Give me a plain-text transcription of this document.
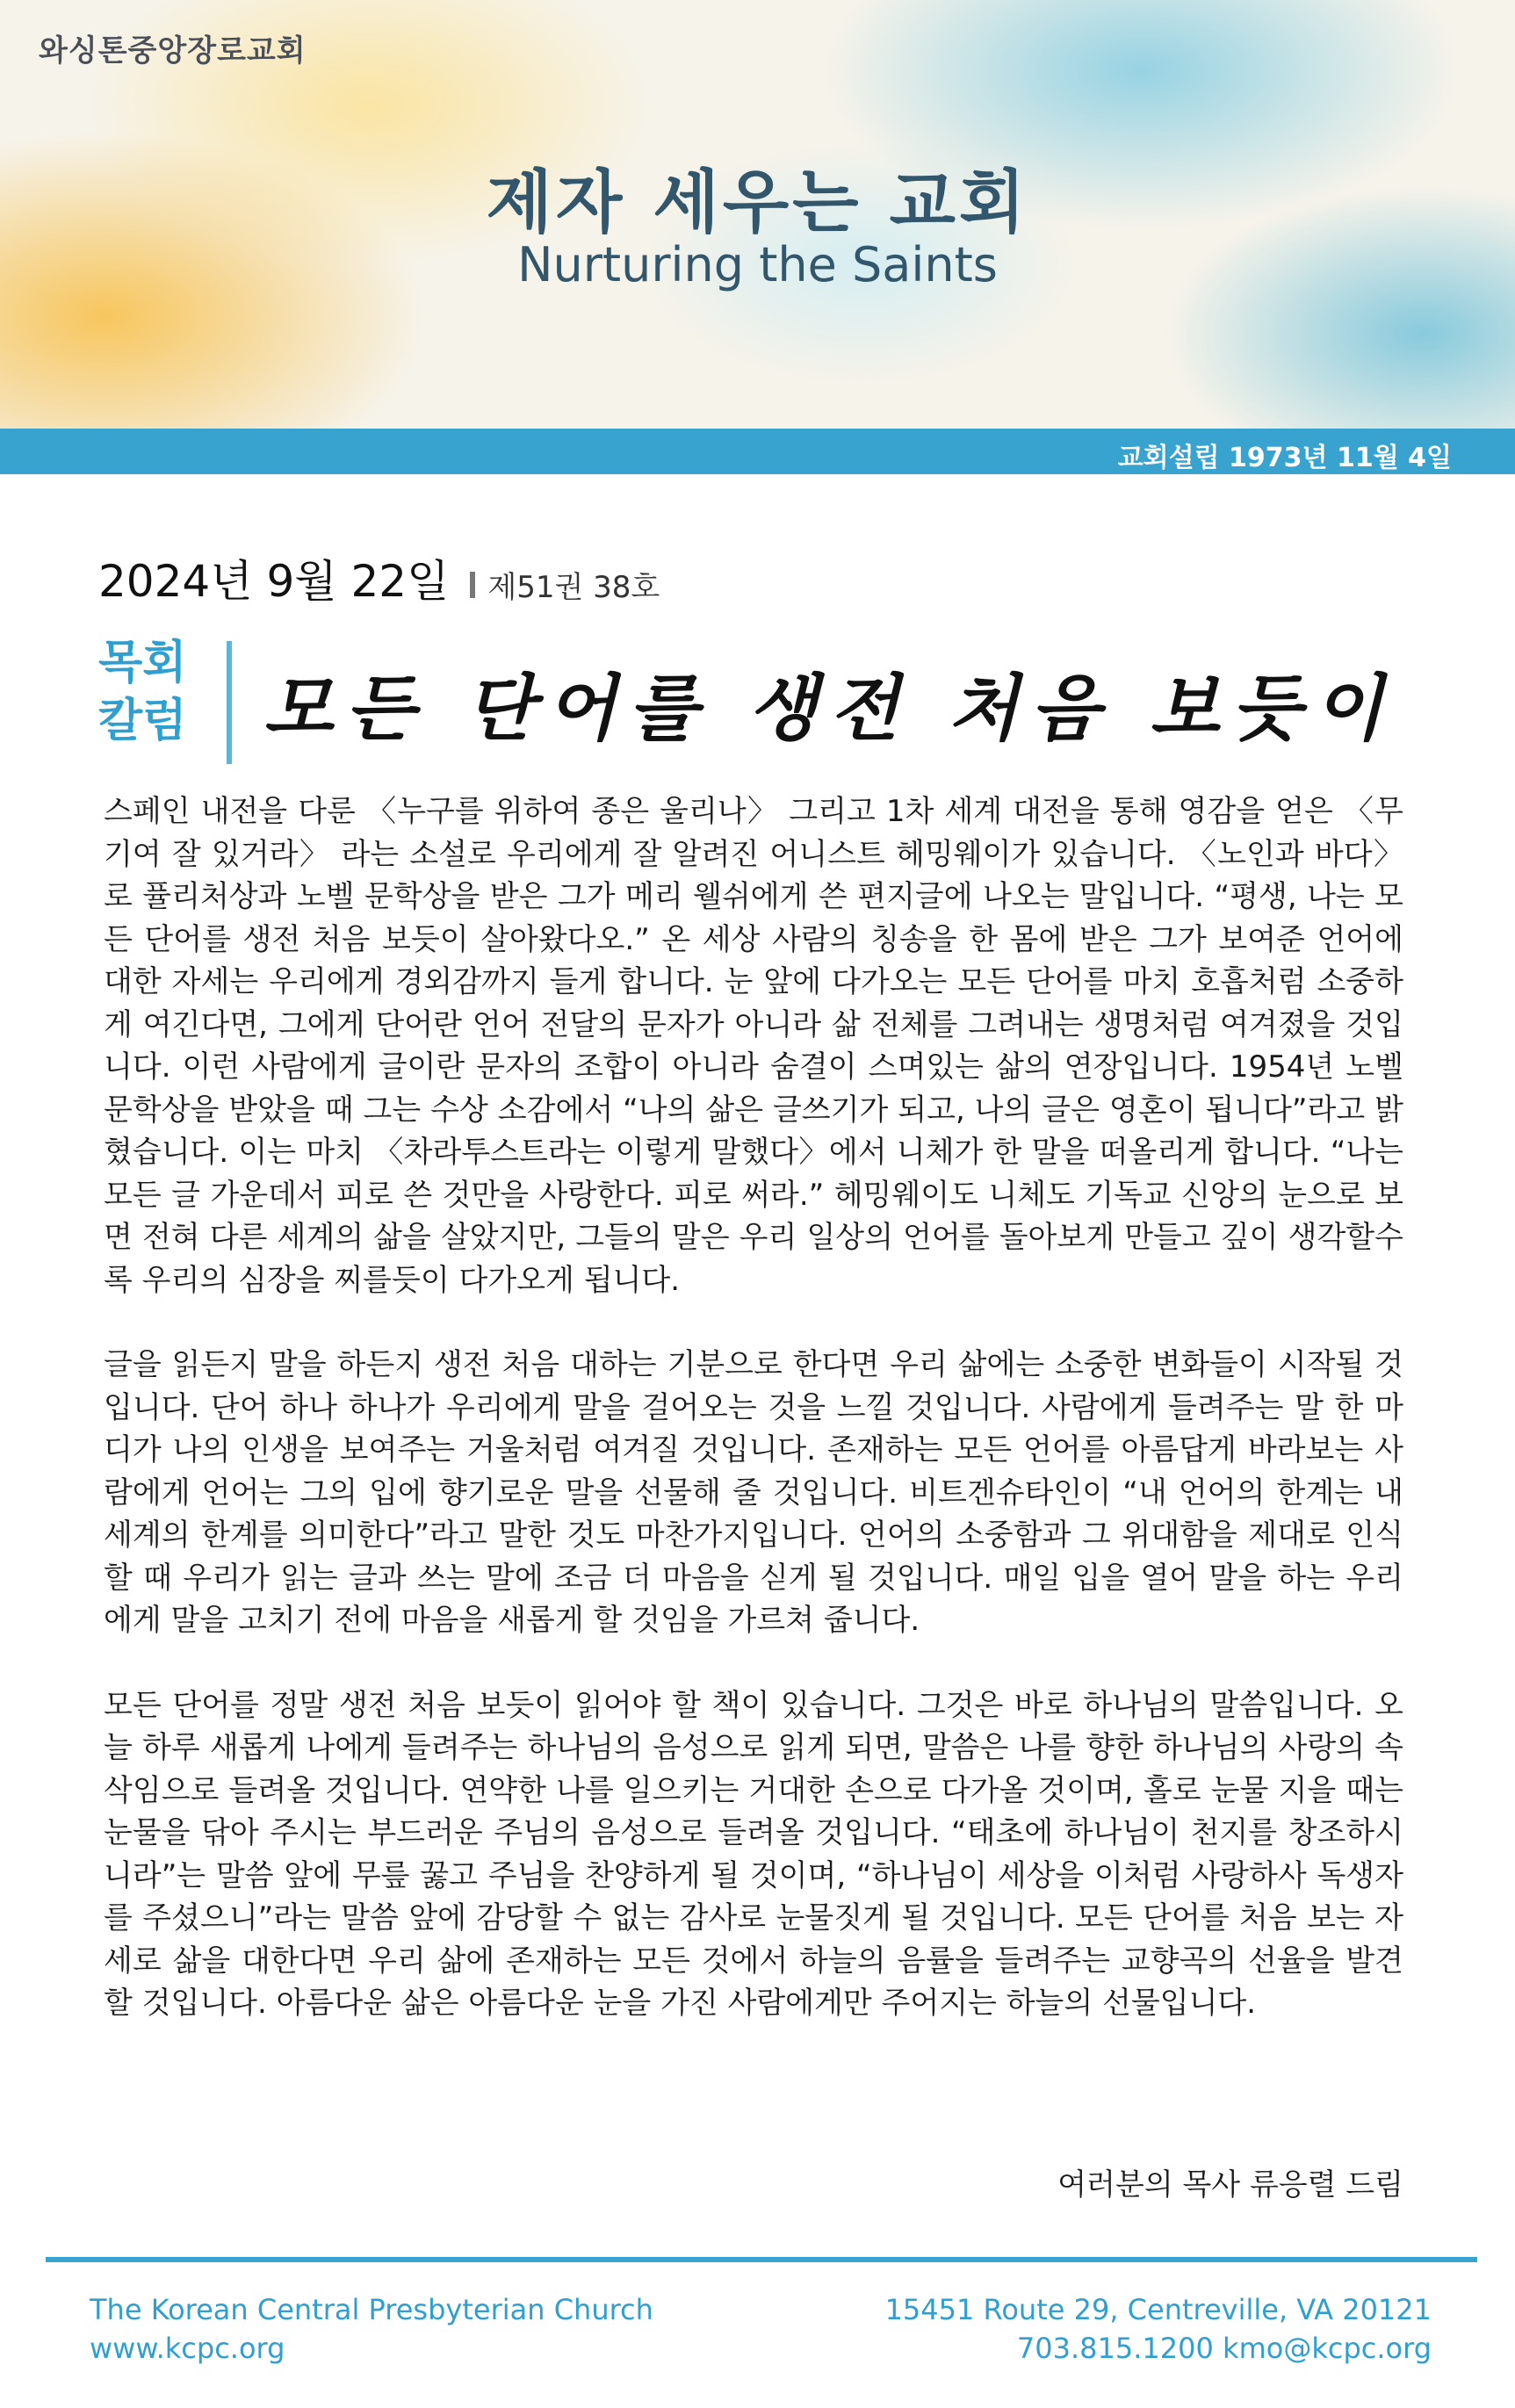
와싱톤중앙장로교회
제자 세우는 교회
Nurturing the Saints
교회설립 1973년 11월 4일
2024년 9월 22일 제51권 38호
목회
칼럼 모든 단어를 생전 처음 보듯이

스페인 내전을 다룬 〈누구를 위하여 종은 울리나〉 그리고 1차 세계 대전을 통해 영감을 얻은 〈무기여 잘 있거라〉 라는 소설로 우리에게 잘 알려진 어니스트 헤밍웨이가 있습니다. 〈노인과 바다〉로 퓰리처상과 노벨 문학상을 받은 그가 메리 웰쉬에게 쓴 편지글에 나오는 말입니다. “평생, 나는 모든 단어를 생전 처음 보듯이 살아왔다오.” 온 세상 사람의 칭송을 한 몸에 받은 그가 보여준 언어에 대한 자세는 우리에게 경외감까지 들게 합니다. 눈 앞에 다가오는 모든 단어를 마치 호흡처럼 소중하게 여긴다면, 그에게 단어란 언어 전달의 문자가 아니라 삶 전체를 그려내는 생명처럼 여겨졌을 것입니다. 이런 사람에게 글이란 문자의 조합이 아니라 숨결이 스며있는 삶의 연장입니다. 1954년 노벨문학상을 받았을 때 그는 수상 소감에서 “나의 삶은 글쓰기가 되고, 나의 글은 영혼이 됩니다”라고 밝혔습니다. 이는 마치 〈차라투스트라는 이렇게 말했다〉에서 니체가 한 말을 떠올리게 합니다. “나는 모든 글 가운데서 피로 쓴 것만을 사랑한다. 피로 써라.” 헤밍웨이도 니체도 기독교 신앙의 눈으로 보면 전혀 다른 세계의 삶을 살았지만, 그들의 말은 우리 일상의 언어를 돌아보게 만들고 깊이 생각할수록 우리의 심장을 찌를듯이 다가오게 됩니다.

글을 읽든지 말을 하든지 생전 처음 대하는 기분으로 한다면 우리 삶에는 소중한 변화들이 시작될 것입니다. 단어 하나 하나가 우리에게 말을 걸어오는 것을 느낄 것입니다. 사람에게 들려주는 말 한 마디가 나의 인생을 보여주는 거울처럼 여겨질 것입니다. 존재하는 모든 언어를 아름답게 바라보는 사람에게 언어는 그의 입에 향기로운 말을 선물해 줄 것입니다. 비트겐슈타인이 “내 언어의 한계는 내 세계의 한계를 의미한다”라고 말한 것도 마찬가지입니다. 언어의 소중함과 그 위대함을 제대로 인식할 때 우리가 읽는 글과 쓰는 말에 조금 더 마음을 싣게 될 것입니다. 매일 입을 열어 말을 하는 우리에게 말을 고치기 전에 마음을 새롭게 할 것임을 가르쳐 줍니다.

모든 단어를 정말 생전 처음 보듯이 읽어야 할 책이 있습니다. 그것은 바로 하나님의 말씀입니다. 오늘 하루 새롭게 나에게 들려주는 하나님의 음성으로 읽게 되면, 말씀은 나를 향한 하나님의 사랑의 속삭임으로 들려올 것입니다. 연약한 나를 일으키는 거대한 손으로 다가올 것이며, 홀로 눈물 지을 때는 눈물을 닦아 주시는 부드러운 주님의 음성으로 들려올 것입니다. “태초에 하나님이 천지를 창조하시니라”는 말씀 앞에 무릎 꿇고 주님을 찬양하게 될 것이며, “하나님이 세상을 이처럼 사랑하사 독생자를 주셨으니”라는 말씀 앞에 감당할 수 없는 감사로 눈물짓게 될 것입니다. 모든 단어를 처음 보는 자세로 삶을 대한다면 우리 삶에 존재하는 모든 것에서 하늘의 음률을 들려주는 교향곡의 선율을 발견할 것입니다. 아름다운 삶은 아름다운 눈을 가진 사람에게만 주어지는 하늘의 선물입니다.

여러분의 목사 류응렬 드림
The Korean Central Presbyterian Church
www.kcpc.org
15451 Route 29, Centreville, VA 20121
703.815.1200 kmo@kcpc.org
